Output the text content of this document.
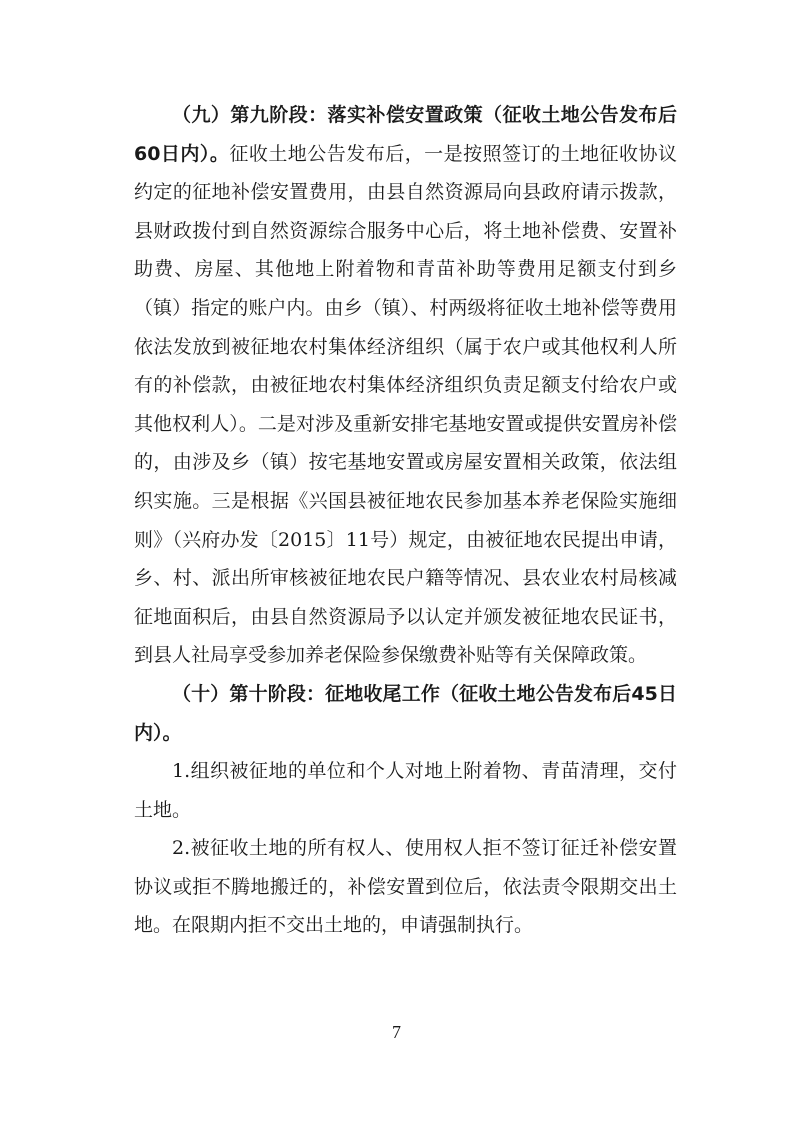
（九）第九阶段：落实补偿安置政策（征收土地公告发布后60日内）。征收土地公告发布后，一是按照签订的土地征收协议约定的征地补偿安置费用，由县自然资源局向县政府请示拨款，县财政拨付到自然资源综合服务中心后，将土地补偿费、安置补助费、房屋、其他地上附着物和青苗补助等费用足额支付到乡（镇）指定的账户内。由乡（镇）、村两级将征收土地补偿等费用依法发放到被征地农村集体经济组织（属于农户或其他权利人所有的补偿款，由被征地农村集体经济组织负责足额支付给农户或其他权利人）。二是对涉及重新安排宅基地安置或提供安置房补偿的，由涉及乡（镇）按宅基地安置或房屋安置相关政策，依法组织实施。三是根据《兴国县被征地农民参加基本养老保险实施细则》（兴府办发〔2015〕11号）规定，由被征地农民提出申请，乡、村、派出所审核被征地农民户籍等情况、县农业农村局核减征地面积后，由县自然资源局予以认定并颁发被征地农民证书，到县人社局享受参加养老保险参保缴费补贴等有关保障政策。

（十）第十阶段：征地收尾工作（征收土地公告发布后45日内）。

1.组织被征地的单位和个人对地上附着物、青苗清理，交付土地。

2.被征收土地的所有权人、使用权人拒不签订征迁补偿安置协议或拒不腾地搬迁的，补偿安置到位后，依法责令限期交出土地。在限期内拒不交出土地的，申请强制执行。

7
